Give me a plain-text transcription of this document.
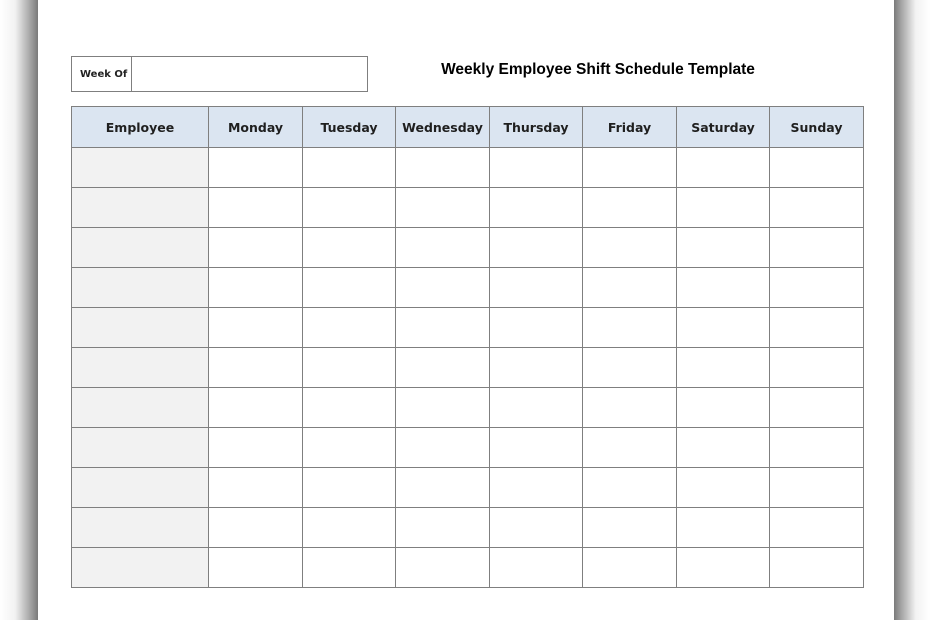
Week Of	Weekly Employee Shift Schedule Template
Employee	Monday	Tuesday	Wednesday	Thursday	Friday	Saturday	Sunday
